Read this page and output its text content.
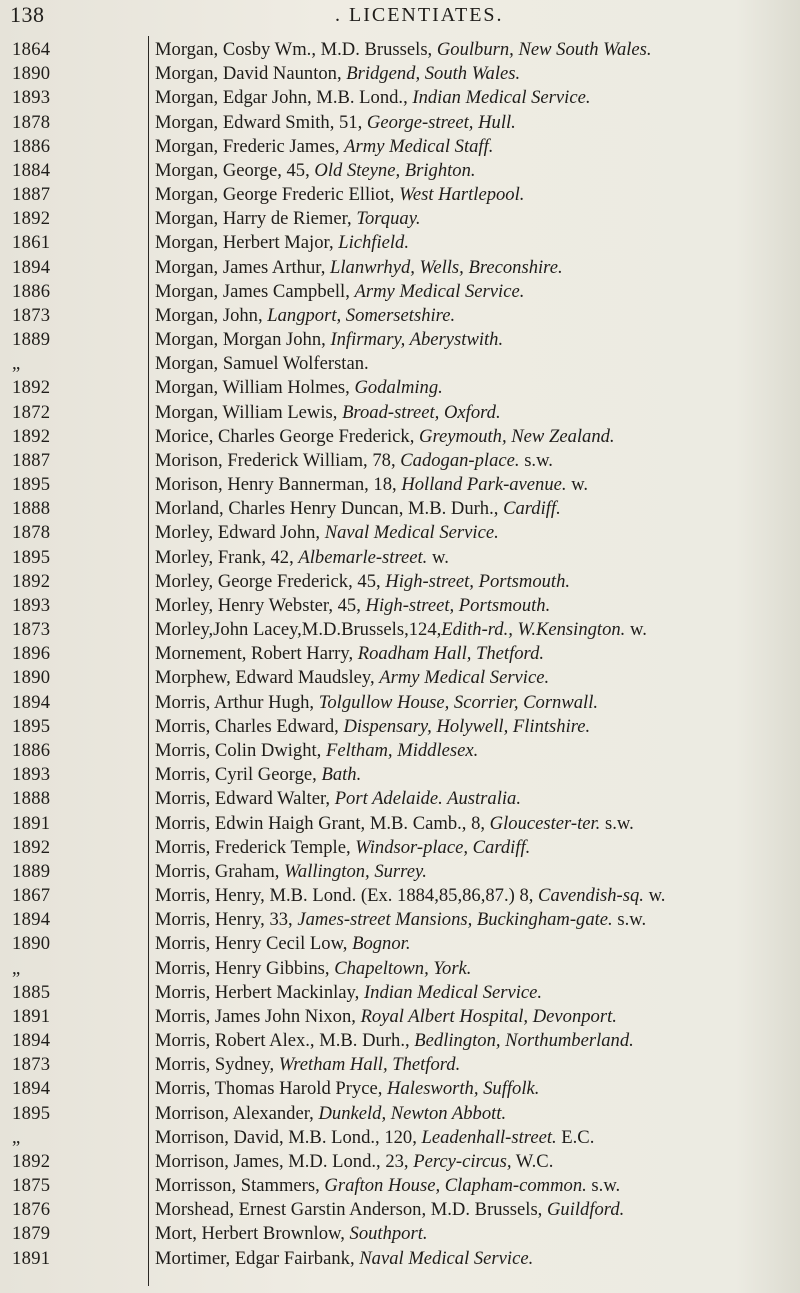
138	. LICENTIATES.
1864
1890
1893
1878
1886
1884
1887
1892
1861
1894
1886
1873
1889
„
1892
1872
1892
1887
1895
1888
1878
1895
1892
1893
1873
1896
1890
1894
1895
1886
1893
1888
1891
1892
1889
1867
1894
1890
„
1885
1891
1894
1873
1894
1895
„
1892
1875
1876
1879
1891
Morgan, Cosby Wm., M.D. Brussels, Goulburn, New South Wales.
Morgan, David Naunton, Bridgend, South Wales.
Morgan, Edgar John, M.B. Lond., Indian Medical Service.
Morgan, Edward Smith, 51, George-street, Hull.
Morgan, Frederic James, Army Medical Staff.
Morgan, George, 45, Old Steyne, Brighton.
Morgan, George Frederic Elliot, West Hartlepool.
Morgan, Harry de Riemer, Torquay.
Morgan, Herbert Major, Lichfield.
Morgan, James Arthur, Llanwrhyd, Wells, Breconshire.
Morgan, James Campbell, Army Medical Service.
Morgan, John, Langport, Somersetshire.
Morgan, Morgan John, Infirmary, Aberystwith.
Morgan, Samuel Wolferstan.
Morgan, William Holmes, Godalming.
Morgan, William Lewis, Broad-street, Oxford.
Morice, Charles George Frederick, Greymouth, New Zealand.
Morison, Frederick William, 78, Cadogan-place. s.w.
Morison, Henry Bannerman, 18, Holland Park-avenue. w.
Morland, Charles Henry Duncan, M.B. Durh., Cardiff.
Morley, Edward John, Naval Medical Service.
Morley, Frank, 42, Albemarle-street. w.
Morley, George Frederick, 45, High-street, Portsmouth.
Morley, Henry Webster, 45, High-street, Portsmouth.
Morley,John Lacey,M.D.Brussels,124,Edith-rd., W.Kensington. w.
Mornement, Robert Harry, Roadham Hall, Thetford.
Morphew, Edward Maudsley, Army Medical Service.
Morris, Arthur Hugh, Tolgullow House, Scorrier, Cornwall.
Morris, Charles Edward, Dispensary, Holywell, Flintshire.
Morris, Colin Dwight, Feltham, Middlesex.
Morris, Cyril George, Bath.
Morris, Edward Walter, Port Adelaide. Australia.
Morris, Edwin Haigh Grant, M.B. Camb., 8, Gloucester-ter. s.w.
Morris, Frederick Temple, Windsor-place, Cardiff.
Morris, Graham, Wallington, Surrey.
Morris, Henry, M.B. Lond. (Ex. 1884,85,86,87.) 8, Cavendish-sq. w.
Morris, Henry, 33, James-street Mansions, Buckingham-gate. s.w.
Morris, Henry Cecil Low, Bognor.
Morris, Henry Gibbins, Chapeltown, York.
Morris, Herbert Mackinlay, Indian Medical Service.
Morris, James John Nixon, Royal Albert Hospital, Devonport.
Morris, Robert Alex., M.B. Durh., Bedlington, Northumberland.
Morris, Sydney, Wretham Hall, Thetford.
Morris, Thomas Harold Pryce, Halesworth, Suffolk.
Morrison, Alexander, Dunkeld, Newton Abbott.
Morrison, David, M.B. Lond., 120, Leadenhall-street. E.C.
Morrison, James, M.D. Lond., 23, Percy-circus, W.C.
Morrisson, Stammers, Grafton House, Clapham-common. s.w.
Morshead, Ernest Garstin Anderson, M.D. Brussels, Guildford.
Mort, Herbert Brownlow, Southport.
Mortimer, Edgar Fairbank, Naval Medical Service.
